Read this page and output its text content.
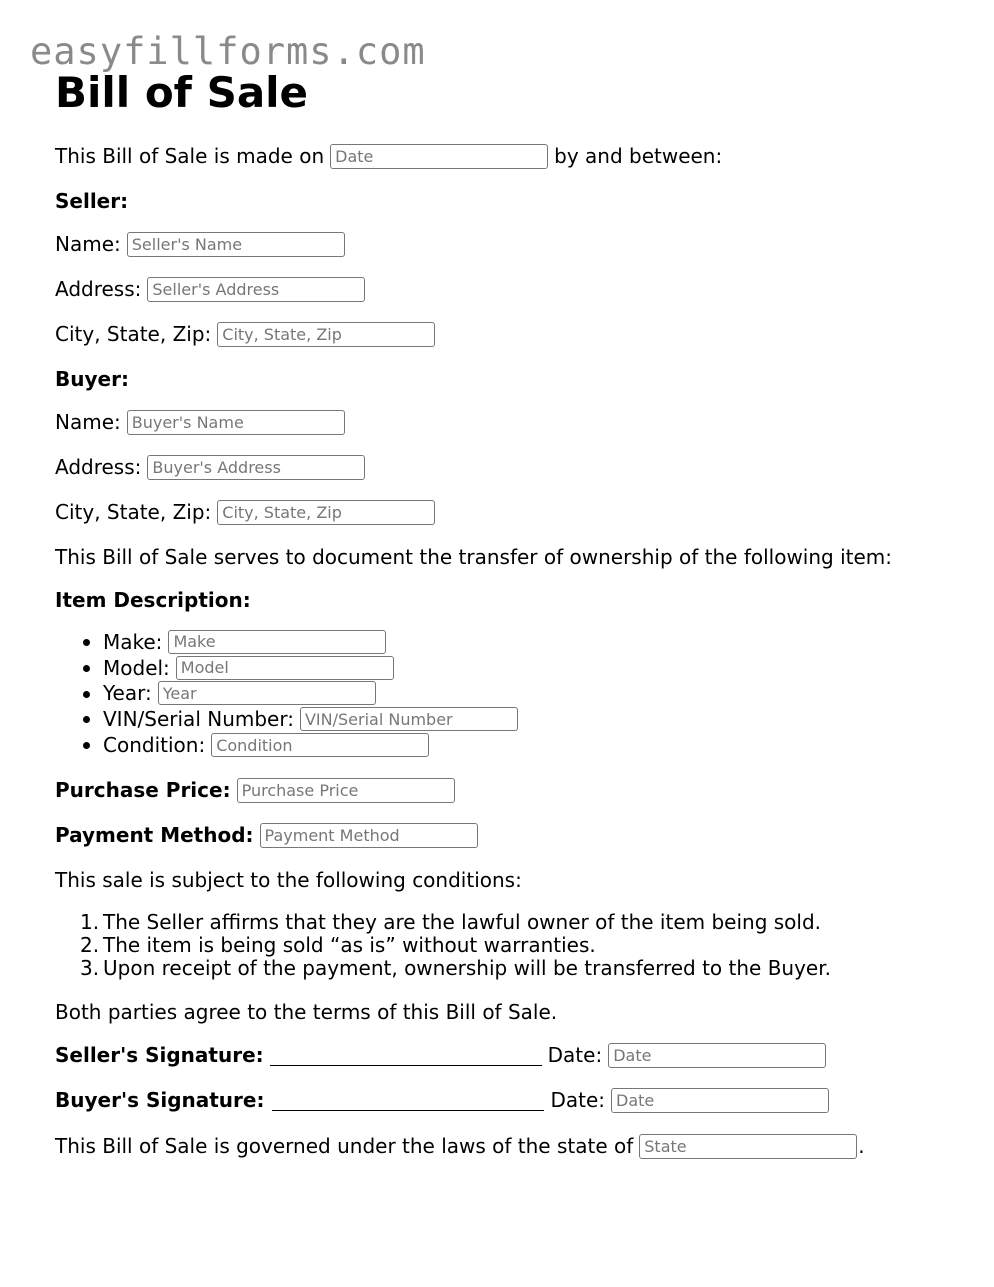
easyfillforms.com
Bill of Sale
This Bill of Sale is made on
Date	by and between:
Seller:
Name:
Seller's Name
Address:
Seller's Address
City, State, Zip:
City, State, Zip
Buyer:
Name:
Buyer's Name
Address:
Buyer's Address
City, State, Zip:
City, State, Zip
This Bill of Sale serves to document the transfer of ownership of the following item:
Item Description:
Make:
Make
Model:
Model
Year:
Year
VIN/Serial Number:
VIN/Serial Number
Condition:
Condition
Purchase Price:
Purchase Price
Payment Method:
Payment Method
This sale is subject to the following conditions:
1. The Seller affirms that they are the lawful owner of the item being sold.
2. The item is being sold “as is” without warranties.
3. Upon receipt of the payment, ownership will be transferred to the Buyer.
Both parties agree to the terms of this Bill of Sale.
Seller's Signature:	Date:
Date
Buyer's Signature:	Date:
Date
This Bill of Sale is governed under the laws of the state of
State	.
